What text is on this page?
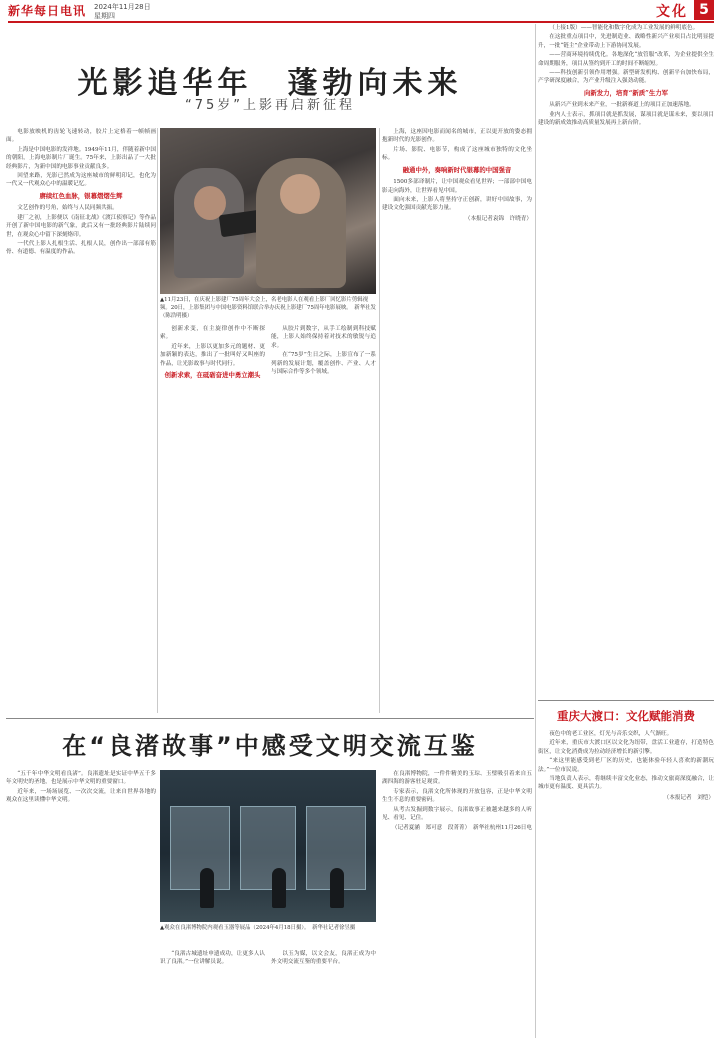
新华每日电讯 2024年11月28日
星期四	文化 5
光影追华年　蓬勃向未来
“75岁”上影再启新征程

电影放映机的齿轮飞速转动，胶片上定格着一帧帧画面。

上海是中国电影的发祥地。1949年11月，伴随着新中国的朝阳，上海电影制片厂诞生。75年来，上影出品了一大批经典影片，为新中国的电影事业贡献良多。

回望来路，光影已然成为这座城市的鲜明印记，也化为一代又一代观众心中的温暖记忆。

赓续红色血脉，银幕熠熠生辉

文艺创作的号角，始终与人民同频共振。

建厂之初，上影便以《南征北战》《渡江侦察记》等作品开创了新中国电影的新气象，此后又有一批经典影片陆续问世，在观众心中留下深刻烙印。

一代代上影人扎根生活、扎根人民，创作出一部部有筋骨、有道德、有温度的作品。

▲11月23日，在庆祝上影建厂75周年大会上，名老电影人在观看上影厂回忆影片剪辑视频。20日，上影集团与中国电影资料馆联合举办庆祝上影建厂75周年电影展映。　新华社发（陈浩明摄）

创新求变，在主旋律创作中不断探索。

近年来，上影以更加多元的题材、更加新颖的表达，推出了一批叫好又叫座的作品，让光影故事与时代同行。

创新求索，在砥砺奋进中勇立潮头

从胶片到数字，从手工绘制到科技赋能，上影人始终保持着对技术的敏锐与追求。

在“75岁”生日之际，上影宣布了一系列新的发展计划，覆盖创作、产业、人才与国际合作等多个领域。

上海，这座因电影而闻名的城市，正以更开放的姿态拥抱新时代的光影创作。

片场、影院、电影节，构成了这座城市独特的文化坐标。

融通中外，奏响新时代银幕的中国强音

1500多部译制片，让中国观众看见世界；一部部中国电影走向海外，让世界看见中国。

面向未来，上影人将坚持守正创新，讲好中国故事，为建设文化强国贡献光影力量。

（本报记者袁锦　许晓青）

（上接1版）——智能化和数字化成为工业发展的鲜明底色。

在这批重点项目中，先进制造业、战略性新兴产业项目占比明显提升，一批“链主”企业带动上下游协同发展。

——营商环境持续优化。各地深化“放管服”改革，为企业提供全生命周期服务，项目从签约到开工的时间不断缩短。

——科技创新引领作用增强。新型研发机构、创新平台加快布局，产学研深度融合，为产业升级注入强劲动能。

向新发力，培育“新质”生力军

从新兴产业到未来产业，一批新赛道上的项目正加速落地。

业内人士表示，抓项目就是抓发展，谋项目就是谋未来，要以项目建设的新成效推动高质量发展再上新台阶。

在“良渚故事”中感受文明交流互鉴

“五千年中华文明看良渚”。良渚遗址是实证中华五千多年文明史的圣地，也是展示中华文明的重要窗口。

近年来，一场场展览、一次次交流，让来自世界各地的观众在这里读懂中华文明。

▲观众在良渚博物院内观看玉器等展品（2024年4月18日摄）。　新华社记者徐昱摄

“良渚古城遗址申遗成功，让更多人认识了良渚。”一位讲解员说。

以玉为媒，以文会友，良渚正成为中外文明交流互鉴的重要平台。

在良渚博物院，一件件精美的玉琮、玉璧吸引着来自五湖四海的游客驻足观赏。

专家表示，良渚文化所体现的开放包容，正是中华文明生生不息的重要密码。

从考古发掘到数字展示，良渚故事正被越来越多的人听见、看见、记住。

（记者夏涵　郑可意　段菁菁）　新华社杭州11月26日电
重庆大渡口：文化赋能消费

夜色中的老工业区，灯光与音乐交织，人气渐旺。

近年来，重庆市大渡口区以文化为纽带，盘活工业遗存，打造特色街区，让文化消费成为拉动经济增长的新引擎。

“来这里能感受到老厂区的历史，也能体验年轻人喜欢的新潮玩法。”一位市民说。

当地负责人表示，将继续丰富文化业态，推动文旅商深度融合，让城市更有温度、更具活力。

（本报记者　刘恺）
